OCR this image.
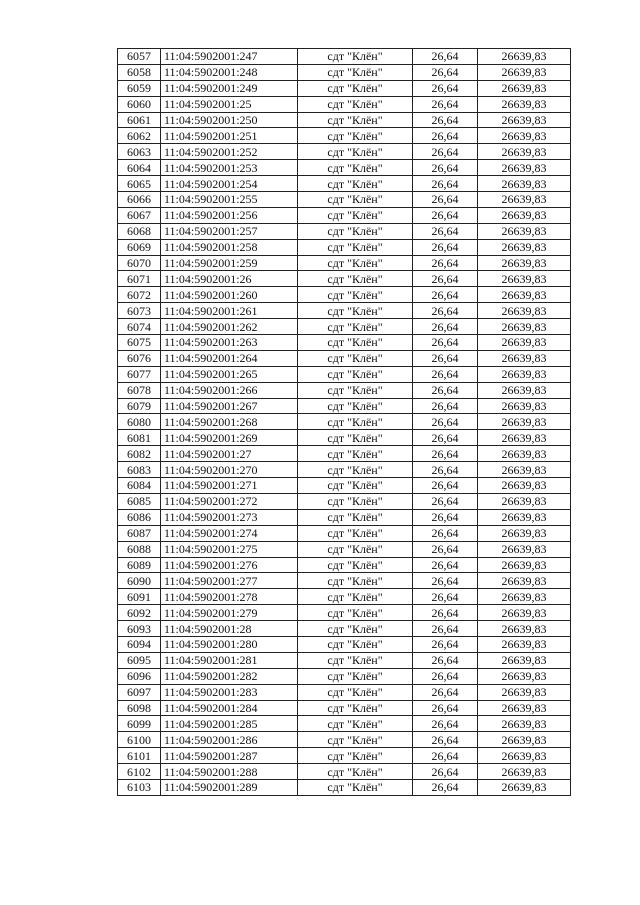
6057	11:04:5902001:247	сдт "Клён"	26,64	26639,83
6058	11:04:5902001:248	сдт "Клён"	26,64	26639,83
6059	11:04:5902001:249	сдт "Клён"	26,64	26639,83
6060	11:04:5902001:25	сдт "Клён"	26,64	26639,83
6061	11:04:5902001:250	сдт "Клён"	26,64	26639,83
6062	11:04:5902001:251	сдт "Клён"	26,64	26639,83
6063	11:04:5902001:252	сдт "Клён"	26,64	26639,83
6064	11:04:5902001:253	сдт "Клён"	26,64	26639,83
6065	11:04:5902001:254	сдт "Клён"	26,64	26639,83
6066	11:04:5902001:255	сдт "Клён"	26,64	26639,83
6067	11:04:5902001:256	сдт "Клён"	26,64	26639,83
6068	11:04:5902001:257	сдт "Клён"	26,64	26639,83
6069	11:04:5902001:258	сдт "Клён"	26,64	26639,83
6070	11:04:5902001:259	сдт "Клён"	26,64	26639,83
6071	11:04:5902001:26	сдт "Клён"	26,64	26639,83
6072	11:04:5902001:260	сдт "Клён"	26,64	26639,83
6073	11:04:5902001:261	сдт "Клён"	26,64	26639,83
6074	11:04:5902001:262	сдт "Клён"	26,64	26639,83
6075	11:04:5902001:263	сдт "Клён"	26,64	26639,83
6076	11:04:5902001:264	сдт "Клён"	26,64	26639,83
6077	11:04:5902001:265	сдт "Клён"	26,64	26639,83
6078	11:04:5902001:266	сдт "Клён"	26,64	26639,83
6079	11:04:5902001:267	сдт "Клён"	26,64	26639,83
6080	11:04:5902001:268	сдт "Клён"	26,64	26639,83
6081	11:04:5902001:269	сдт "Клён"	26,64	26639,83
6082	11:04:5902001:27	сдт "Клён"	26,64	26639,83
6083	11:04:5902001:270	сдт "Клён"	26,64	26639,83
6084	11:04:5902001:271	сдт "Клён"	26,64	26639,83
6085	11:04:5902001:272	сдт "Клён"	26,64	26639,83
6086	11:04:5902001:273	сдт "Клён"	26,64	26639,83
6087	11:04:5902001:274	сдт "Клён"	26,64	26639,83
6088	11:04:5902001:275	сдт "Клён"	26,64	26639,83
6089	11:04:5902001:276	сдт "Клён"	26,64	26639,83
6090	11:04:5902001:277	сдт "Клён"	26,64	26639,83
6091	11:04:5902001:278	сдт "Клён"	26,64	26639,83
6092	11:04:5902001:279	сдт "Клён"	26,64	26639,83
6093	11:04:5902001:28	сдт "Клён"	26,64	26639,83
6094	11:04:5902001:280	сдт "Клён"	26,64	26639,83
6095	11:04:5902001:281	сдт "Клён"	26,64	26639,83
6096	11:04:5902001:282	сдт "Клён"	26,64	26639,83
6097	11:04:5902001:283	сдт "Клён"	26,64	26639,83
6098	11:04:5902001:284	сдт "Клён"	26,64	26639,83
6099	11:04:5902001:285	сдт "Клён"	26,64	26639,83
6100	11:04:5902001:286	сдт "Клён"	26,64	26639,83
6101	11:04:5902001:287	сдт "Клён"	26,64	26639,83
6102	11:04:5902001:288	сдт "Клён"	26,64	26639,83
6103	11:04:5902001:289	сдт "Клён"	26,64	26639,83
